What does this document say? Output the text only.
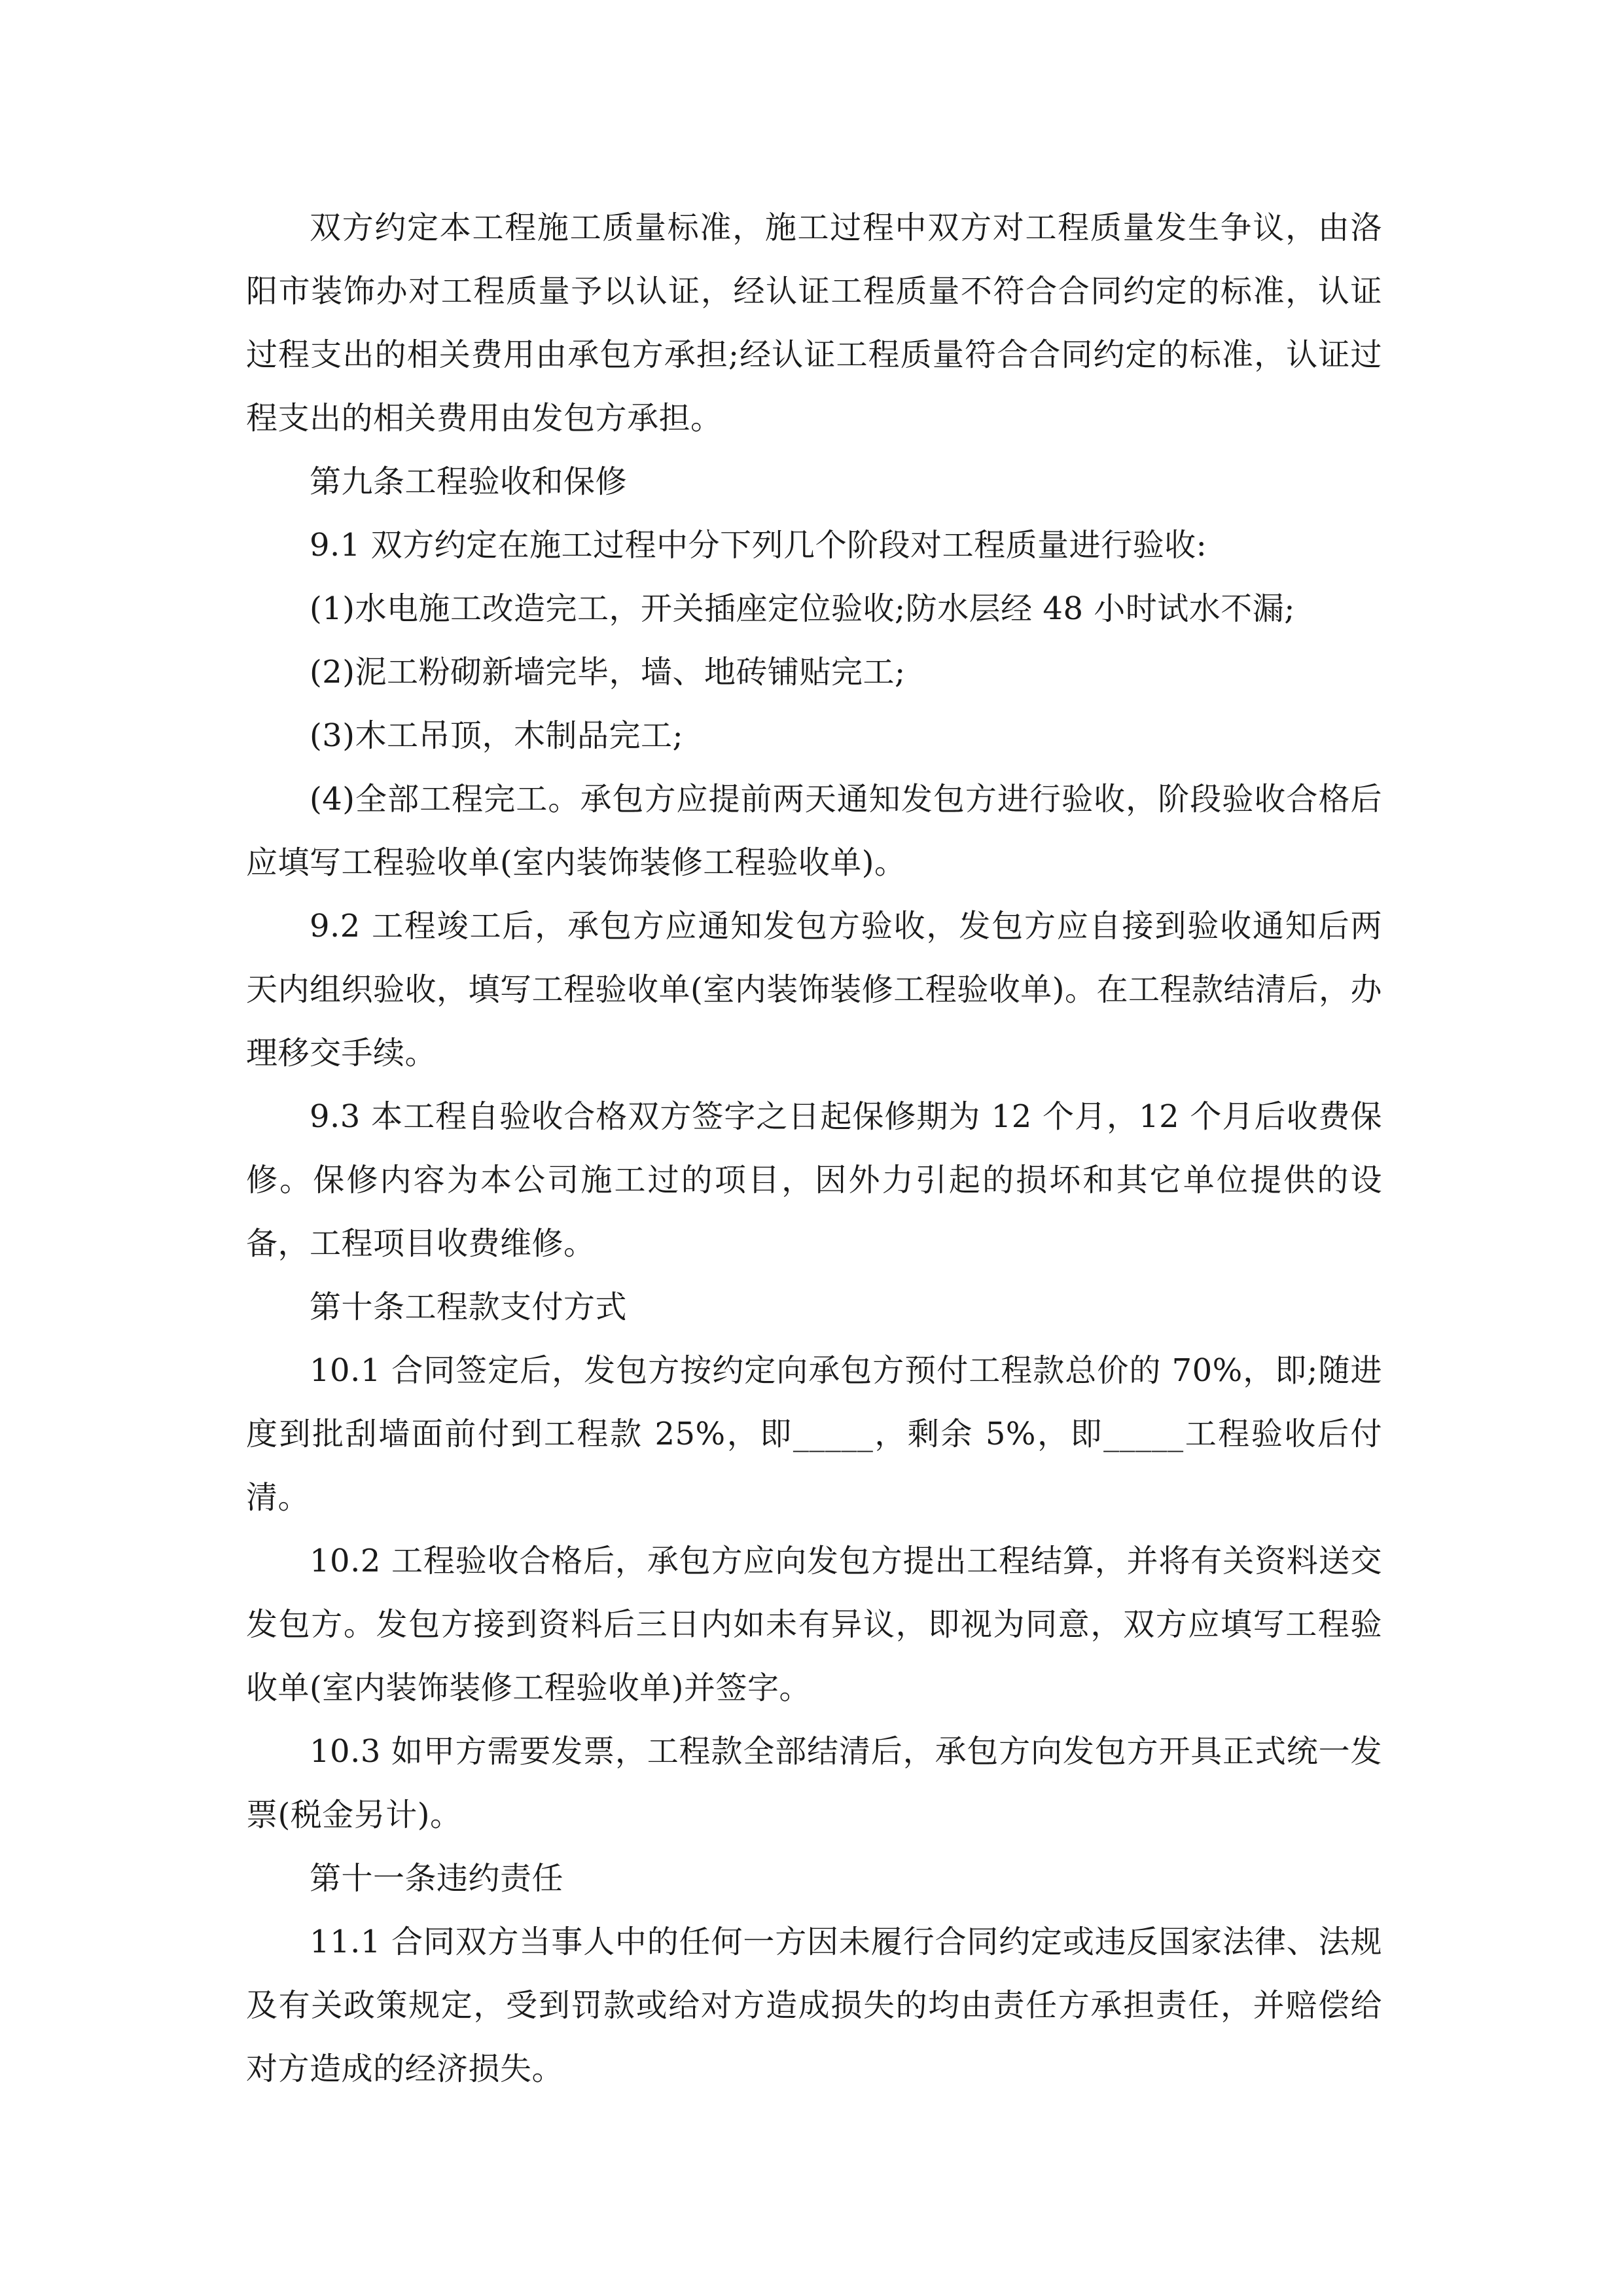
双方约定本工程施工质量标准，施工过程中双方对工程质量发生争议，由洛阳市装饰办对工程质量予以认证，经认证工程质量不符合合同约定的标准，认证过程支出的相关费用由承包方承担;经认证工程质量符合合同约定的标准，认证过程支出的相关费用由发包方承担。

第九条工程验收和保修

9.1 双方约定在施工过程中分下列几个阶段对工程质量进行验收:

(1)水电施工改造完工，开关插座定位验收;防水层经 48 小时试水不漏;

(2)泥工粉砌新墙完毕，墙、地砖铺贴完工;

(3)木工吊顶，木制品完工;

(4)全部工程完工。承包方应提前两天通知发包方进行验收，阶段验收合格后应填写工程验收单(室内装饰装修工程验收单)。

9.2 工程竣工后，承包方应通知发包方验收，发包方应自接到验收通知后两天内组织验收，填写工程验收单(室内装饰装修工程验收单)。在工程款结清后，办理移交手续。

9.3 本工程自验收合格双方签字之日起保修期为 12 个月，12 个月后收费保修。保修内容为本公司施工过的项目，因外力引起的损坏和其它单位提供的设备，工程项目收费维修。

第十条工程款支付方式

10.1 合同签定后，发包方按约定向承包方预付工程款总价的 70%，即;随进度到批刮墙面前付到工程款 25%，即_____，剩余 5%，即_____工程验收后付清。

10.2 工程验收合格后，承包方应向发包方提出工程结算，并将有关资料送交发包方。发包方接到资料后三日内如未有异议，即视为同意，双方应填写工程验收单(室内装饰装修工程验收单)并签字。

10.3 如甲方需要发票，工程款全部结清后，承包方向发包方开具正式统一发票(税金另计)。

第十一条违约责任

11.1 合同双方当事人中的任何一方因未履行合同约定或违反国家法律、法规及有关政策规定，受到罚款或给对方造成损失的均由责任方承担责任，并赔偿给对方造成的经济损失。
